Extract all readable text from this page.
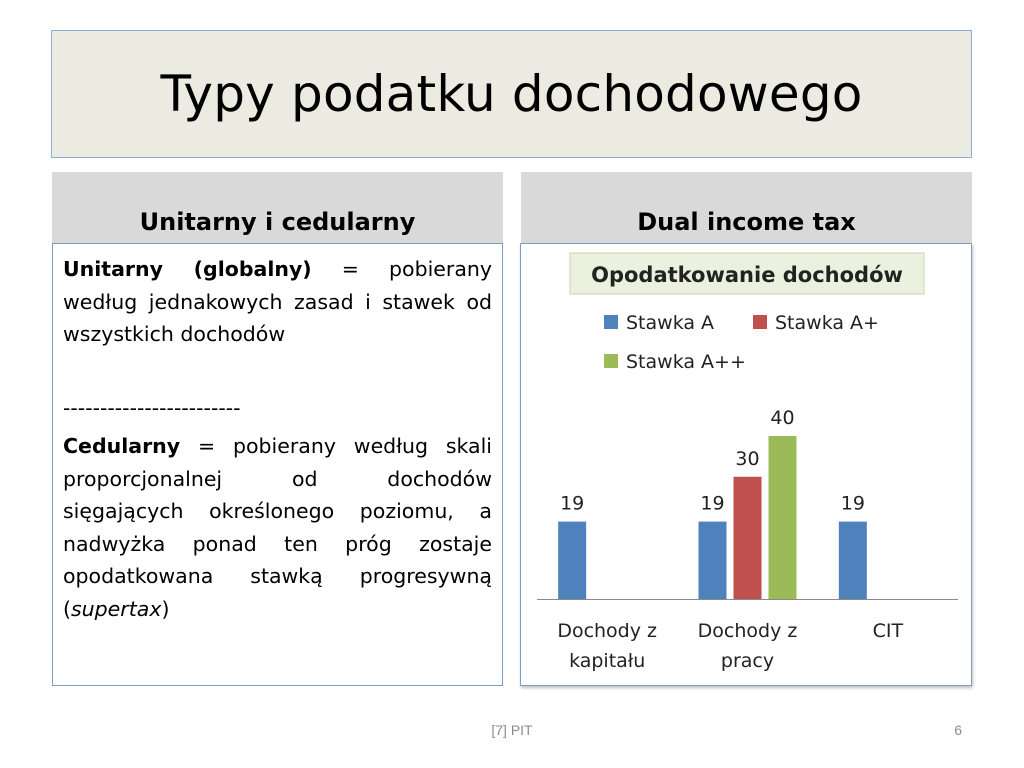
Typy podatku dochodowego
Unitarny i cedularny	Dual income tax

Unitarny (globalny) = pobierany według jednakowych zasad i stawek od wszystkich dochodów

------------------------

Cedularny = pobierany według skali proporcjonalnej od dochodów sięgających określonego poziomu, a nadwyżka ponad ten próg zostaje opodatkowana stawką progresywną (supertax)

Opodatkowanie dochodów
Stawka A	Stawka A+
Stawka A++
19
Dochody z kapitału
19
30
40
Dochody z pracy
19
CIT
[7] PIT	6
